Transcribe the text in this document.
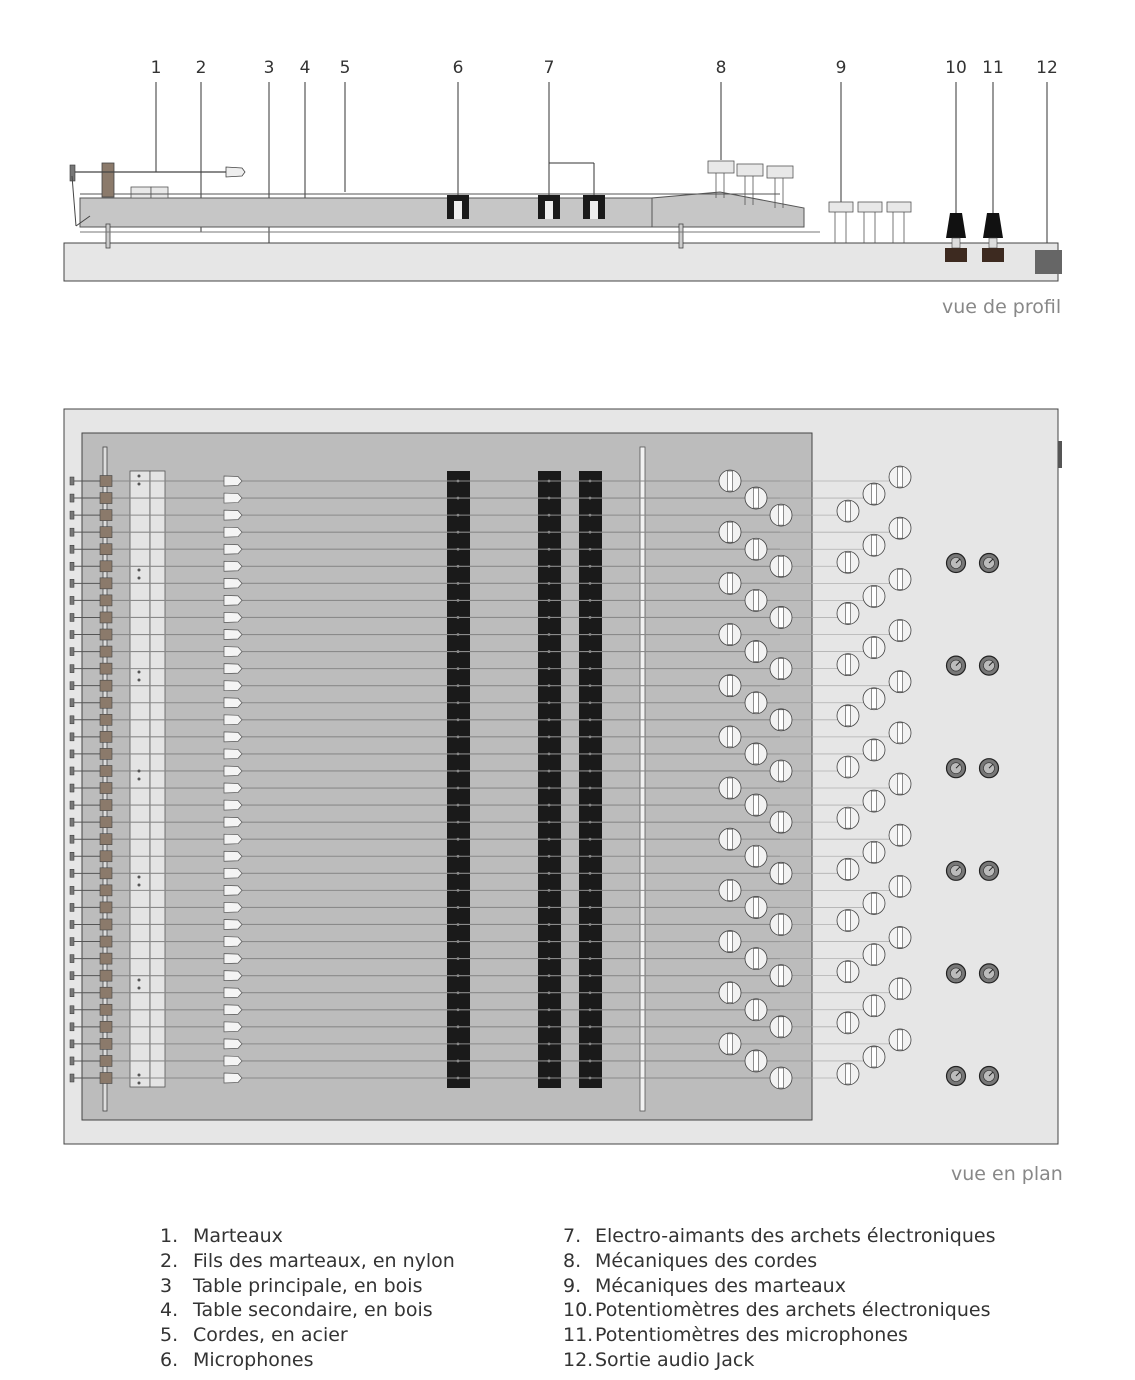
1 2	3 4 5	6	7	8	9	10 11 12
vue de profil
vue en plan
1. Marteaux
2. Fils des marteaux, en nylon
3 Table principale, en bois
4. Table secondaire, en bois
5. Cordes, en acier
6. Microphones
7. Electro-aimants des archets électroniques
8. Mécaniques des cordes
9. Mécaniques des marteaux
10.Potentiomètres des archets électroniques
11.Potentiomètres des microphones
12.Sortie audio Jack
